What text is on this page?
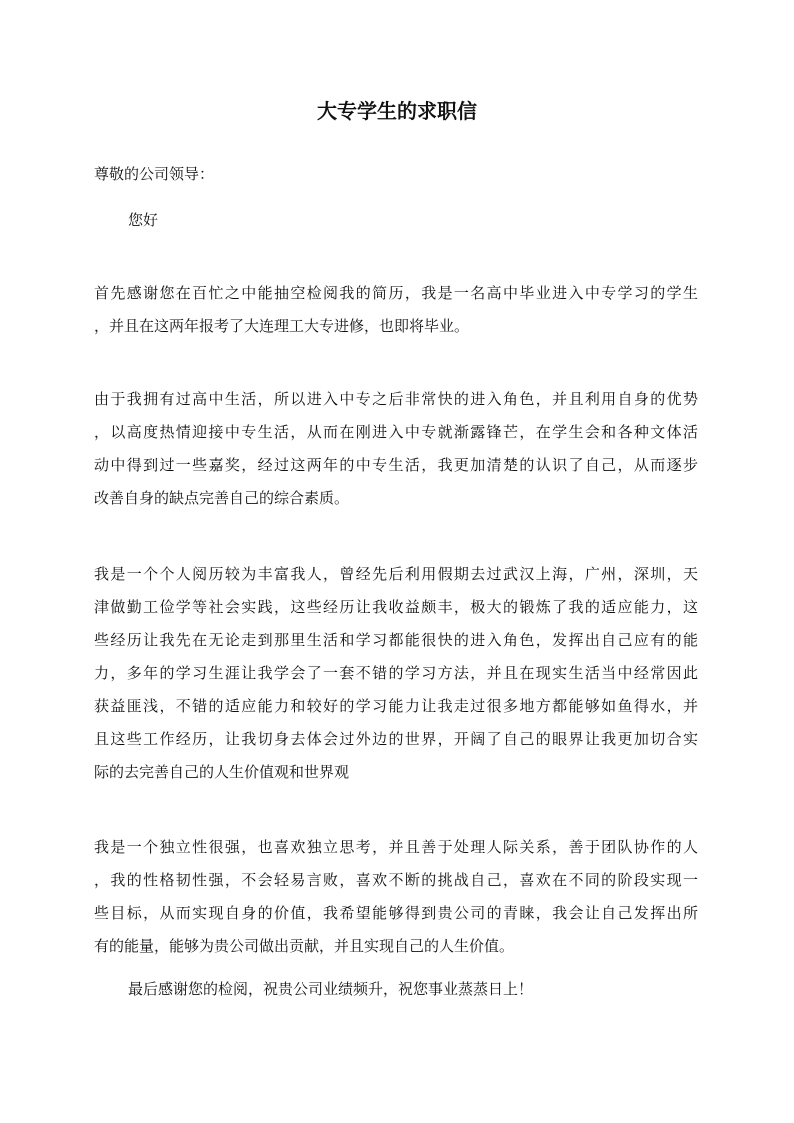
大专学生的求职信
尊敬的公司领导：
您好
首先感谢您在百忙之中能抽空检阅我的简历，我是一名高中毕业进入中专学习的学生
，并且在这两年报考了大连理工大专进修，也即将毕业。
由于我拥有过高中生活，所以进入中专之后非常快的进入角色，并且利用自身的优势
，以高度热情迎接中专生活，从而在刚进入中专就渐露锋芒，在学生会和各种文体活
动中得到过一些嘉奖，经过这两年的中专生活，我更加清楚的认识了自己，从而逐步
改善自身的缺点完善自己的综合素质。
我是一个个人阅历较为丰富我人，曾经先后利用假期去过武汉上海，广州，深圳，天
津做勤工俭学等社会实践，这些经历让我收益颇丰，极大的锻炼了我的适应能力，这
些经历让我先在无论走到那里生活和学习都能很快的进入角色，发挥出自己应有的能
力，多年的学习生涯让我学会了一套不错的学习方法，并且在现实生活当中经常因此
获益匪浅，不错的适应能力和较好的学习能力让我走过很多地方都能够如鱼得水，并
且这些工作经历，让我切身去体会过外边的世界，开阔了自己的眼界让我更加切合实
际的去完善自己的人生价值观和世界观
我是一个独立性很强，也喜欢独立思考，并且善于处理人际关系，善于团队协作的人
，我的性格韧性强，不会轻易言败，喜欢不断的挑战自己，喜欢在不同的阶段实现一
些目标，从而实现自身的价值，我希望能够得到贵公司的青睐，我会让自己发挥出所
有的能量，能够为贵公司做出贡献，并且实现自己的人生价值。
最后感谢您的检阅，祝贵公司业绩频升，祝您事业蒸蒸日上！
